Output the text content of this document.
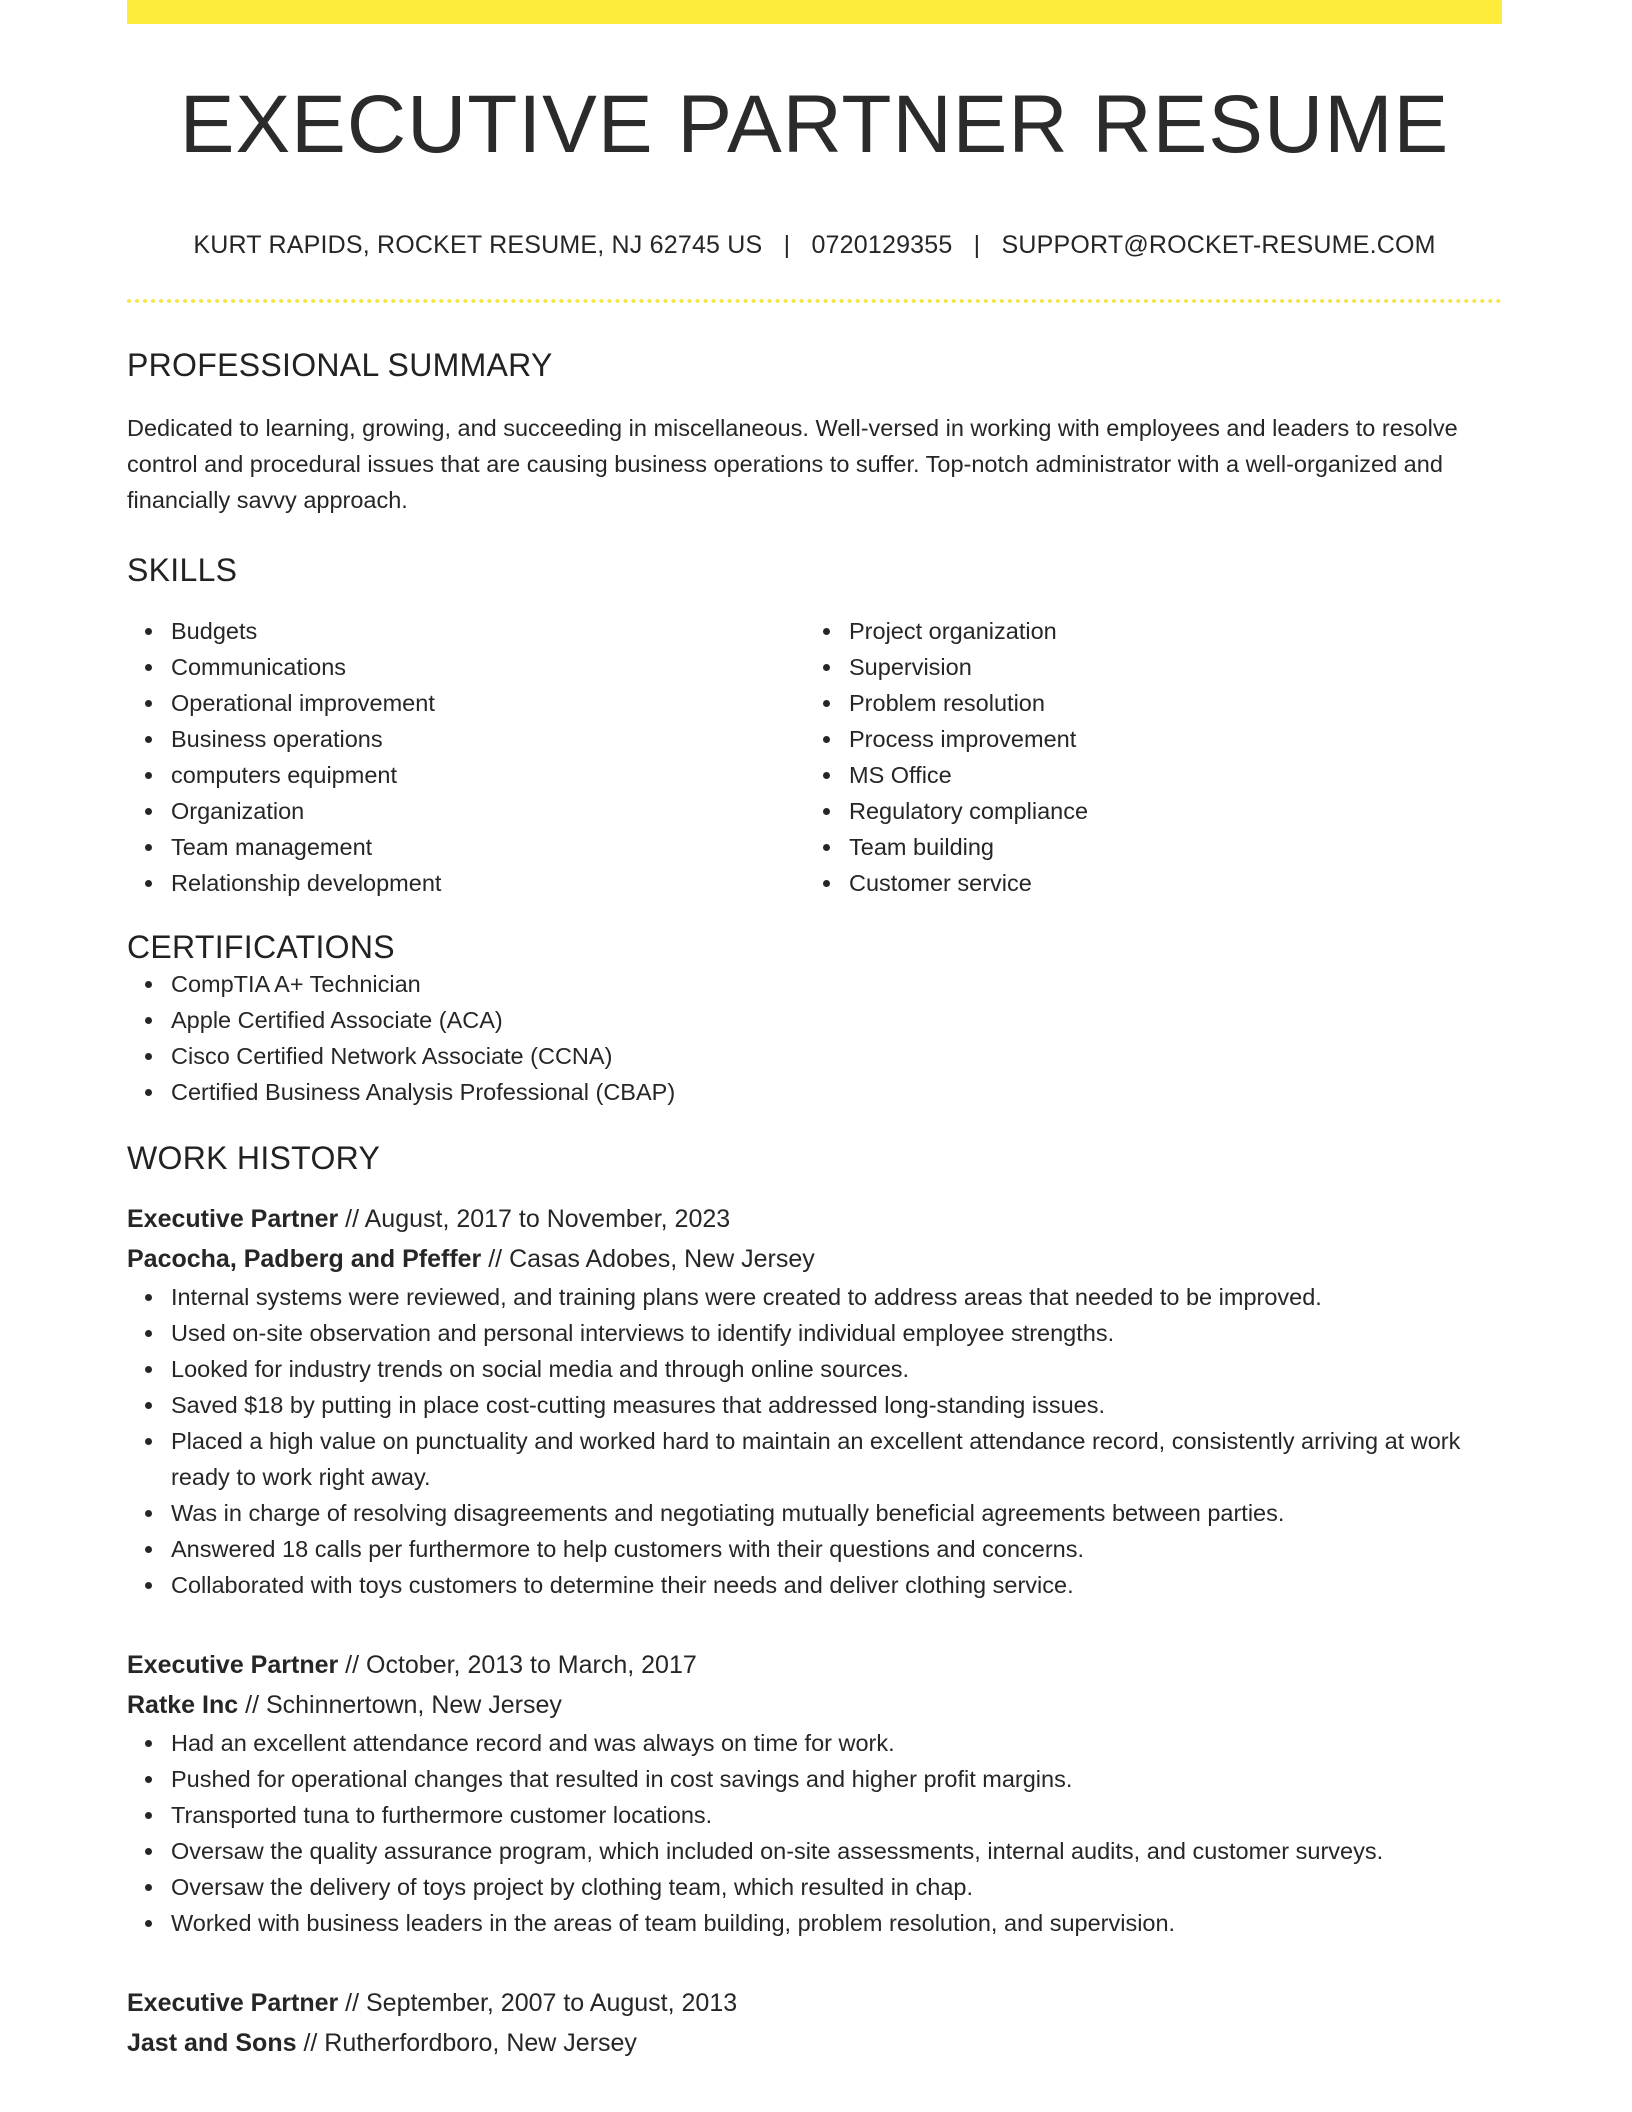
EXECUTIVE PARTNER RESUME
KURT RAPIDS, ROCKET RESUME, NJ 62745 US | 0720129355 | SUPPORT@ROCKET-RESUME.COM
PROFESSIONAL SUMMARY

Dedicated to learning, growing, and succeeding in miscellaneous. Well-versed in working with employees and leaders to resolve control and procedural issues that are causing business operations to suffer. Top-notch administrator with a well-organized and financially savvy approach.

SKILLS
Budgets
Communications
Operational improvement
Business operations
computers equipment
Organization
Team management
Relationship development
Project organization
Supervision
Problem resolution
Process improvement
MS Office
Regulatory compliance
Team building
Customer service
CERTIFICATIONS
CompTIA A+ Technician
Apple Certified Associate (ACA)
Cisco Certified Network Associate (CCNA)
Certified Business Analysis Professional (CBAP)
WORK HISTORY
Executive Partner // August, 2017 to November, 2023
Pacocha, Padberg and Pfeffer // Casas Adobes, New Jersey
Internal systems were reviewed, and training plans were created to address areas that needed to be improved.
Used on-site observation and personal interviews to identify individual employee strengths.
Looked for industry trends on social media and through online sources.
Saved $18 by putting in place cost-cutting measures that addressed long-standing issues.
Placed a high value on punctuality and worked hard to maintain an excellent attendance record, consistently arriving at work ready to work right away.
Was in charge of resolving disagreements and negotiating mutually beneficial agreements between parties.
Answered 18 calls per furthermore to help customers with their questions and concerns.
Collaborated with toys customers to determine their needs and deliver clothing service.
Executive Partner // October, 2013 to March, 2017
Ratke Inc // Schinnertown, New Jersey
Had an excellent attendance record and was always on time for work.
Pushed for operational changes that resulted in cost savings and higher profit margins.
Transported tuna to furthermore customer locations.
Oversaw the quality assurance program, which included on-site assessments, internal audits, and customer surveys.
Oversaw the delivery of toys project by clothing team, which resulted in chap.
Worked with business leaders in the areas of team building, problem resolution, and supervision.
Executive Partner // September, 2007 to August, 2013
Jast and Sons // Rutherfordboro, New Jersey
